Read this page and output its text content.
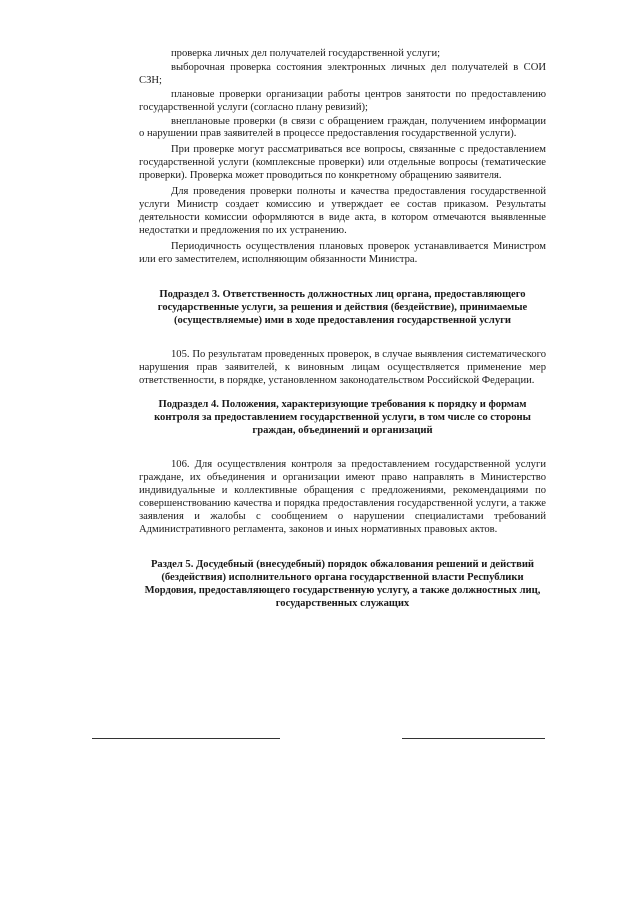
проверка личных дел получателей государственной услуги;

выборочная проверка состояния электронных личных дел получателей в СОИ СЗН;

плановые проверки организации работы центров занятости по предоставлению государственной услуги (согласно плану ревизий);

внеплановые проверки (в связи с обращением граждан, получением информации о нарушении прав заявителей в процессе предоставления государственной услуги).

При проверке могут рассматриваться все вопросы, связанные с предоставлением государственной услуги (комплексные проверки) или отдельные вопросы (тематические проверки). Проверка может проводиться по конкретному обращению заявителя.

Для проведения проверки полноты и качества предоставления государственной услуги Министр создает комиссию и утверждает ее состав приказом. Результаты деятельности комиссии оформляются в виде акта, в котором отмечаются выявленные недостатки и предложения по их устранению.

Периодичность осуществления плановых проверок устанавливается Министром или его заместителем, исполняющим обязанности Министра.

Подраздел 3. Ответственность должностных лиц органа, предоставляющего государственные услуги, за решения и действия (бездействие), принимаемые (осуществляемые) ими в ходе предоставления государственной услуги

105. По результатам проведенных проверок, в случае выявления систематического нарушения прав заявителей, к виновным лицам осуществляется применение мер ответственности, в порядке, установленном законодательством Российской Федерации.

Подраздел 4. Положения, характеризующие требования к порядку и формам контроля за предоставлением государственной услуги, в том числе со стороны граждан, объединений и организаций

106. Для осуществления контроля за предоставлением государственной услуги граждане, их объединения и организации имеют право направлять в Министерство индивидуальные и коллективные обращения с предложениями, рекомендациями по совершенствованию качества и порядка предоставления государственной услуги, а также заявления и жалобы с сообщением о нарушении специалистами требований Административного регламента, законов и иных нормативных правовых актов.

Раздел 5. Досудебный (внесудебный) порядок обжалования решений и действий (бездействия) исполнительного органа государственной власти Республики Мордовия, предоставляющего государственную услугу, а также должностных лиц, государственных служащих
